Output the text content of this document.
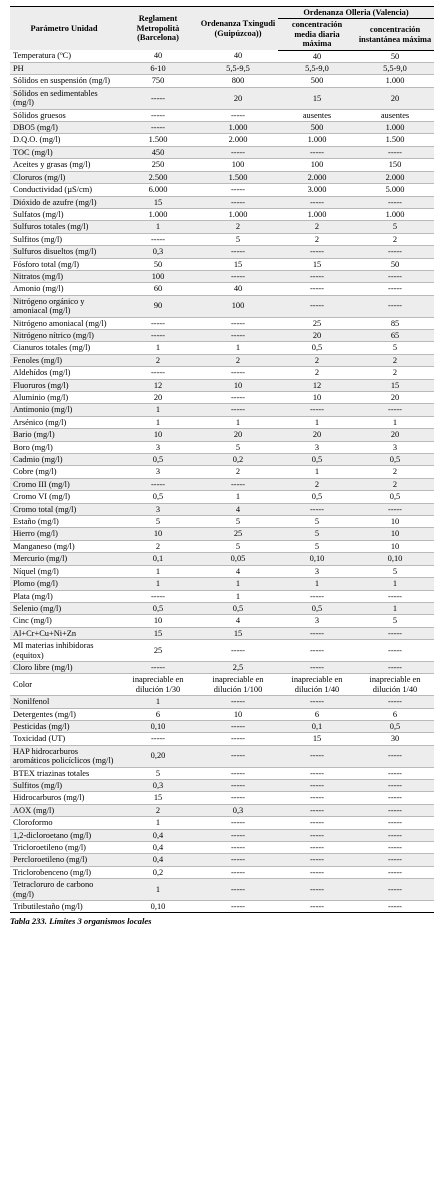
Parámetro Unidad	Reglament Metropolità (Barcelona)	Ordenanza Txingudi (Guipúzcoa))	Ordenanza Olleria (Valencia)	
			concentración media diaria máxima	concentración instantánea máxima
Temperatura (ºC)	40	40	40	50
PH	6-10	5,5-9,5	5,5-9,0	5,5-9,0
Sólidos en suspensión (mg/l)	750	800	500	1.000
Sólidos en sedimentables (mg/l)	-----	20	15	20
Sólidos gruesos	-----	-----	ausentes	ausentes
DBO5 (mg/l)	-----	1.000	500	1.000
D.Q.O. (mg/l)	1.500	2.000	1.000	1.500
TOC (mg/l)	450	-----	-----	-----
Aceites y grasas (mg/l)	250	100	100	150
Cloruros (mg/l)	2.500	1.500	2.000	2.000
Conductividad (µS/cm)	6.000	-----	3.000	5.000
Dióxido de azufre (mg/l)	15	-----	-----	-----
Sulfatos (mg/l)	1.000	1.000	1.000	1.000
Sulfuros totales (mg/l)	1	2	2	5
Sulfitos (mg/l)	-----	5	2	2
Sulfuros disueltos (mg/l)	0,3	-----	-----	-----
Fósforo total (mg/l)	50	15	15	50
Nitratos (mg/l)	100	-----	-----	-----
Amonio (mg/l)	60	40	-----	-----
Nitrógeno orgánico y amoniacal (mg/l)	90	100	-----	-----
Nitrógeno amoniacal (mg/l)	-----	-----	25	85
Nitrógeno nítrico (mg/l)	-----	-----	20	65
Cianuros totales (mg/l)	1	1	0,5	5
Fenoles (mg/l)	2	2	2	2
Aldehídos (mg/l)	-----	-----	2	2
Fluoruros (mg/l)	12	10	12	15
Aluminio (mg/l)	20	-----	10	20
Antimonio (mg/l)	1	-----	-----	-----
Arsénico (mg/l)	1	1	1	1
Bario (mg/l)	10	20	20	20
Boro (mg/l)	3	5	3	3
Cadmio (mg/l)	0,5	0,2	0,5	0,5
Cobre (mg/l)	3	2	1	2
Cromo III (mg/l)	-----	-----	2	2
Cromo VI (mg/l)	0,5	1	0,5	0,5
Cromo total (mg/l)	3	4	-----	-----
Estaño (mg/l)	5	5	5	10
Hierro (mg/l)	10	25	5	10
Manganeso (mg/l)	2	5	5	10
Mercurio (mg/l)	0,1	0,05	0,10	0,10
Níquel (mg/l)	1	4	3	5
Plomo (mg/l)	1	1	1	1
Plata (mg/l)	-----	1	-----	-----
Selenio (mg/l)	0,5	0,5	0,5	1
Cinc (mg/l)	10	4	3	5
Al+Cr+Cu+Ni+Zn	15	15	-----	-----
MI materias inhibidoras (equitox)	25	-----	-----	-----
Cloro libre (mg/l)	-----	2,5	-----	-----
Color	inapreciable en dilución 1/30	inapreciable en dilución 1/100	inapreciable en dilución 1/40	inapreciable en dilución 1/40
Nonilfenol	1	-----	-----	-----
Detergentes (mg/l)	6	10	6	6
Pesticidas (mg/l)	0,10	-----	0,1	0,5
Toxicidad (UT)	-----	-----	15	30
HAP hidrocarburos aromáticos policíclicos (mg/l)	0,20	-----	-----	-----
BTEX triazinas totales	5	-----	-----	-----
Sulfitos (mg/l)	0,3	-----	-----	-----
Hidrocarburos (mg/l)	15	-----	-----	-----
AOX (mg/l)	2	0,3	-----	-----
Cloroformo	1	-----	-----	-----
1,2-dicloroetano (mg/l)	0,4	-----	-----	-----
Tricloroetileno (mg/l)	0,4	-----	-----	-----
Percloroetileno (mg/l)	0,4	-----	-----	-----
Triclorobenceno (mg/l)	0,2	-----	-----	-----
Tetracloruro de carbono (mg/l)	1	-----	-----	-----
Tributilestaño (mg/l)	0,10	-----	-----	-----
Tabla 233. Límites 3 organismos locales
